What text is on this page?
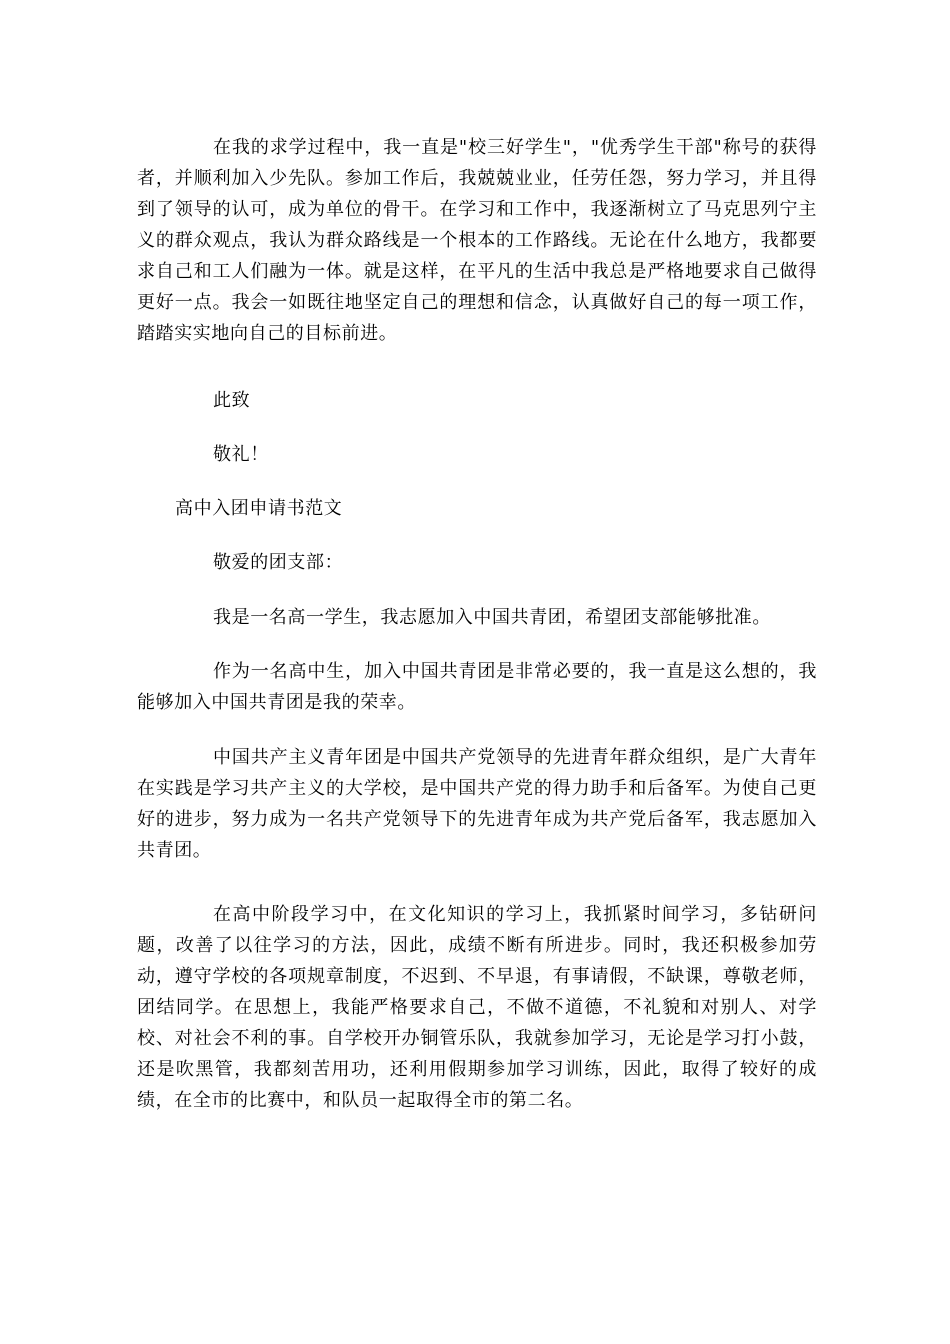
在我的求学过程中，我一直是"校三好学生"，"优秀学生干部"称号的获得者，并顺利加入少先队。参加工作后，我兢兢业业，任劳任怨，努力学习，并且得到了领导的认可，成为单位的骨干。在学习和工作中，我逐渐树立了马克思列宁主义的群众观点，我认为群众路线是一个根本的工作路线。无论在什么地方，我都要求自己和工人们融为一体。就是这样，在平凡的生活中我总是严格地要求自己做得更好一点。我会一如既往地坚定自己的理想和信念，认真做好自己的每一项工作，踏踏实实地向自己的目标前进。

此致

敬礼！

高中入团申请书范文

敬爱的团支部：

我是一名高一学生，我志愿加入中国共青团，希望团支部能够批准。

作为一名高中生，加入中国共青团是非常必要的，我一直是这么想的，我能够加入中国共青团是我的荣幸。

中国共产主义青年团是中国共产党领导的先进青年群众组织，是广大青年在实践是学习共产主义的大学校，是中国共产党的得力助手和后备军。为使自己更好的进步，努力成为一名共产党领导下的先进青年成为共产党后备军，我志愿加入共青团。

在高中阶段学习中，在文化知识的学习上，我抓紧时间学习，多钻研问题，改善了以往学习的方法，因此，成绩不断有所进步。同时，我还积极参加劳动，遵守学校的各项规章制度，不迟到、不早退，有事请假，不缺课，尊敬老师，团结同学。在思想上，我能严格要求自己，不做不道德，不礼貌和对别人、对学校、对社会不利的事。自学校开办铜管乐队，我就参加学习，无论是学习打小鼓，还是吹黑管，我都刻苦用功，还利用假期参加学习训练，因此，取得了较好的成绩，在全市的比赛中，和队员一起取得全市的第二名。
